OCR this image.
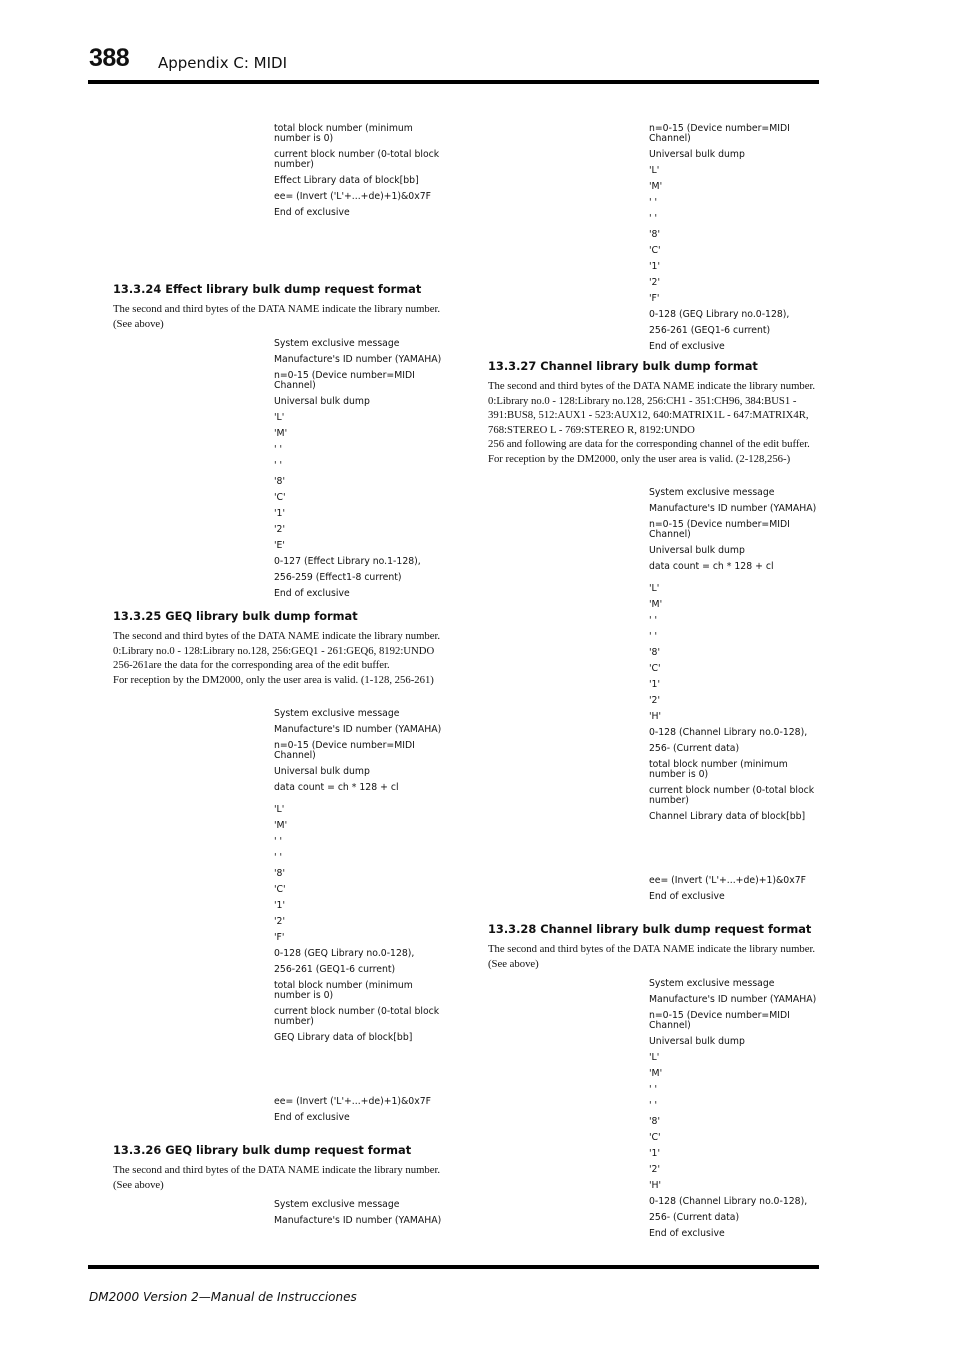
388 Appendix C: MIDI
total block number (minimum number is 0)
current block number (0-total block number)
Effect Library data of block[bb]
ee= (Invert ('L'+...+de)+1)&0x7F
End of exclusive
13.3.24 Effect library bulk dump request format

The second and third bytes of the DATA NAME indicate the library number. (See above)

System exclusive message
Manufacture's ID number (YAMAHA)
n=0-15 (Device number=MIDI Channel)
Universal bulk dump
'L'
'M'
' '
' '
'8'
'C'
'1'
'2'
'E'
0-127 (Effect Library no.1-128),
256-259 (Effect1-8 current)
End of exclusive
13.3.25 GEQ library bulk dump format

The second and third bytes of the DATA NAME indicate the library number.
0:Library no.0 - 128:Library no.128, 256:GEQ1 - 261:GEQ6, 8192:UNDO
256-261are the data for the corresponding area of the edit buffer.
For reception by the DM2000, only the user area is valid. (1-128, 256-261)

System exclusive message
Manufacture's ID number (YAMAHA)
n=0-15 (Device number=MIDI Channel)
Universal bulk dump
data count = ch * 128 + cl
'L'
'M'
' '
' '
'8'
'C'
'1'
'2'
'F'
0-128 (GEQ Library no.0-128),
256-261 (GEQ1-6 current)
total block number (minimum number is 0)
current block number (0-total block number)
GEQ Library data of block[bb]
ee= (Invert ('L'+...+de)+1)&0x7F
End of exclusive
13.3.26 GEQ library bulk dump request format

The second and third bytes of the DATA NAME indicate the library number. (See above)

System exclusive message
Manufacture's ID number (YAMAHA)
n=0-15 (Device number=MIDI Channel)
Universal bulk dump
'L'
'M'
' '
' '
'8'
'C'
'1'
'2'
'F'
0-128 (GEQ Library no.0-128),
256-261 (GEQ1-6 current)
End of exclusive
13.3.27 Channel library bulk dump format

The second and third bytes of the DATA NAME indicate the library number.
0:Library no.0 - 128:Library no.128, 256:CH1 - 351:CH96, 384:BUS1 - 391:BUS8, 512:AUX1 - 523:AUX12, 640:MATRIX1L - 647:MATRIX4R, 768:STEREO L - 769:STEREO R, 8192:UNDO
256 and following are data for the corresponding channel of the edit buffer. For reception by the DM2000, only the user area is valid. (2-128,256-)

System exclusive message
Manufacture's ID number (YAMAHA)
n=0-15 (Device number=MIDI Channel)
Universal bulk dump
data count = ch * 128 + cl
'L'
'M'
' '
' '
'8'
'C'
'1'
'2'
'H'
0-128 (Channel Library no.0-128),
256- (Current data)
total block number (minimum number is 0)
current block number (0-total block number)
Channel Library data of block[bb]
ee= (Invert ('L'+...+de)+1)&0x7F
End of exclusive
13.3.28 Channel library bulk dump request format

The second and third bytes of the DATA NAME indicate the library number. (See above)

System exclusive message
Manufacture's ID number (YAMAHA)
n=0-15 (Device number=MIDI Channel)
Universal bulk dump
'L'
'M'
' '
' '
'8'
'C'
'1'
'2'
'H'
0-128 (Channel Library no.0-128),
256- (Current data)
End of exclusive
DM2000 Version 2—Manual de Instrucciones
